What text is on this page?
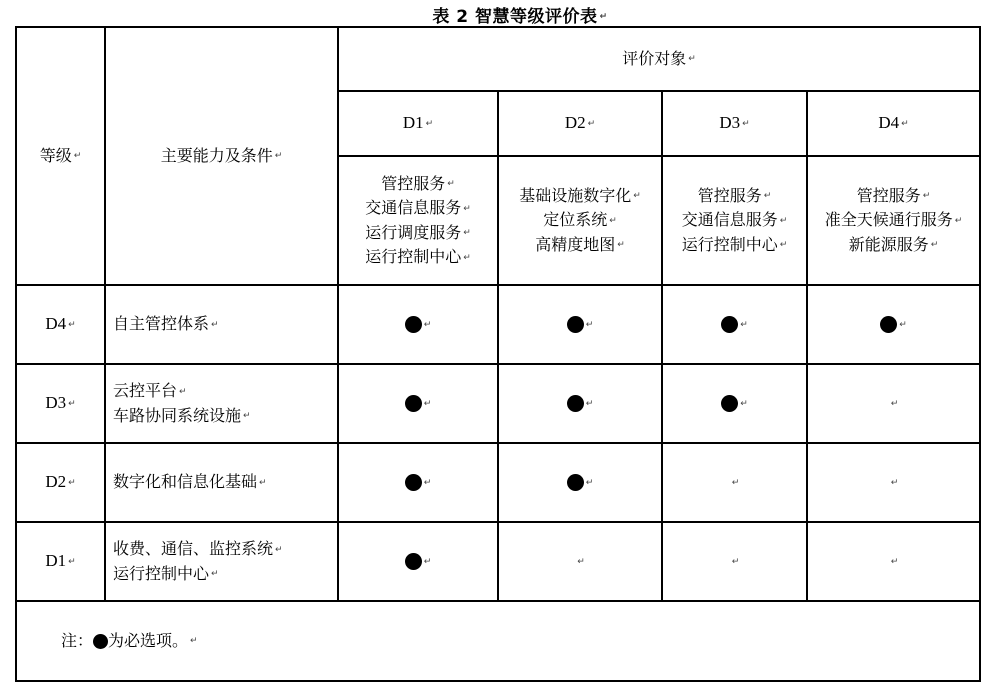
表 2 智慧等级评价表 ↵
等级 ↵	主要能力及条件 ↵	评价对象 ↵			
		D1 ↵	D2 ↵	D3 ↵	D4 ↵

		管控服务 ↵
交通信息服务 ↵
运行调度服务 ↵
运行控制中心 ↵	基础设施数字化 ↵
定位系统 ↵
高精度地图 ↵	管控服务 ↵
交通信息服务 ↵
运行控制中心 ↵	管控服务 ↵
准全天候通行服务 ↵
新能源服务 ↵

D4 ↵	自主管控体系 ↵	↵	↵	↵	↵
D3 ↵	云控平台 ↵
车路协同系统设施 ↵	↵	↵	↵	↵
D2 ↵	数字化和信息化基础 ↵	↵	↵	↵	↵
D1 ↵	收费、通信、监控系统 ↵
运行控制中心 ↵	↵	↵	↵	↵
注： 为必选项。 ↵					
